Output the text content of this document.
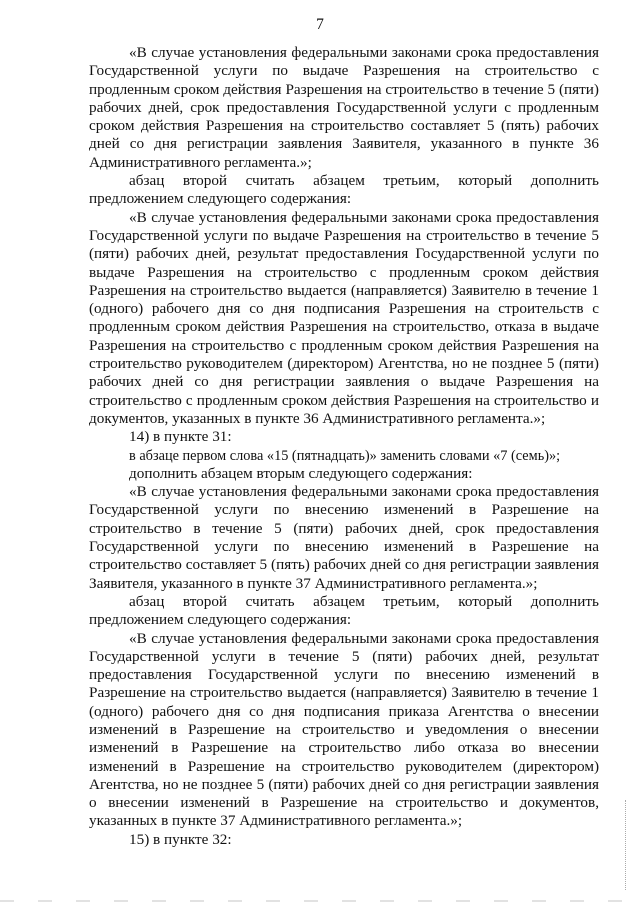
7

«В случае установления федеральными законами срока предоставления Государственной услуги по выдаче Разрешения на строительство с продленным сроком действия Разрешения на строительство в течение 5 (пяти) рабочих дней, срок предоставления Государственной услуги с продленным сроком действия Разрешения на строительство составляет 5 (пять) рабочих дней со дня регистрации заявления Заявителя, указанного в пункте 36 Административного регламента.»;

абзац второй считать абзацем третьим, который дополнить предложением следующего содержания:

«В случае установления федеральными законами срока предоставления Государственной услуги по выдаче Разрешения на строительство в течение 5 (пяти) рабочих дней, результат предоставления Государственной услуги по выдаче Разрешения на строительство с продленным сроком действия Разрешения на строительство выдается (направляется) Заявителю в течение 1 (одного) рабочего дня со дня подписания Разрешения на строительств с продленным сроком действия Разрешения на строительство, отказа в выдаче Разрешения на строительство с продленным сроком действия Разрешения на строительство руководителем (директором) Агентства, но не позднее 5 (пяти) рабочих дней со дня регистрации заявления о выдаче Разрешения на строительство с продленным сроком действия Разрешения на строительство и документов, указанных в пункте 36 Административного регламента.»;

14) в пункте 31:

в абзаце первом слова «15 (пятнадцать)» заменить словами «7 (семь)»;

дополнить абзацем вторым следующего содержания:

«В случае установления федеральными законами срока предоставления Государственной услуги по внесению изменений в Разрешение на строительство в течение 5 (пяти) рабочих дней, срок предоставления Государственной услуги по внесению изменений в Разрешение на строительство составляет 5 (пять) рабочих дней со дня регистрации заявления Заявителя, указанного в пункте 37 Административного регламента.»;

абзац второй считать абзацем третьим, который дополнить предложением следующего содержания:

«В случае установления федеральными законами срока предоставления Государственной услуги в течение 5 (пяти) рабочих дней, результат предоставления Государственной услуги по внесению изменений в Разрешение на строительство выдается (направляется) Заявителю в течение 1 (одного) рабочего дня со дня подписания приказа Агентства о внесении изменений в Разрешение на строительство и уведомления о внесении изменений в Разрешение на строительство либо отказа во внесении изменений в Разрешение на строительство руководителем (директором) Агентства, но не позднее 5 (пяти) рабочих дней со дня регистрации заявления о внесении изменений в Разрешение на строительство и документов, указанных в пункте 37 Административного регламента.»;

15) в пункте 32:
